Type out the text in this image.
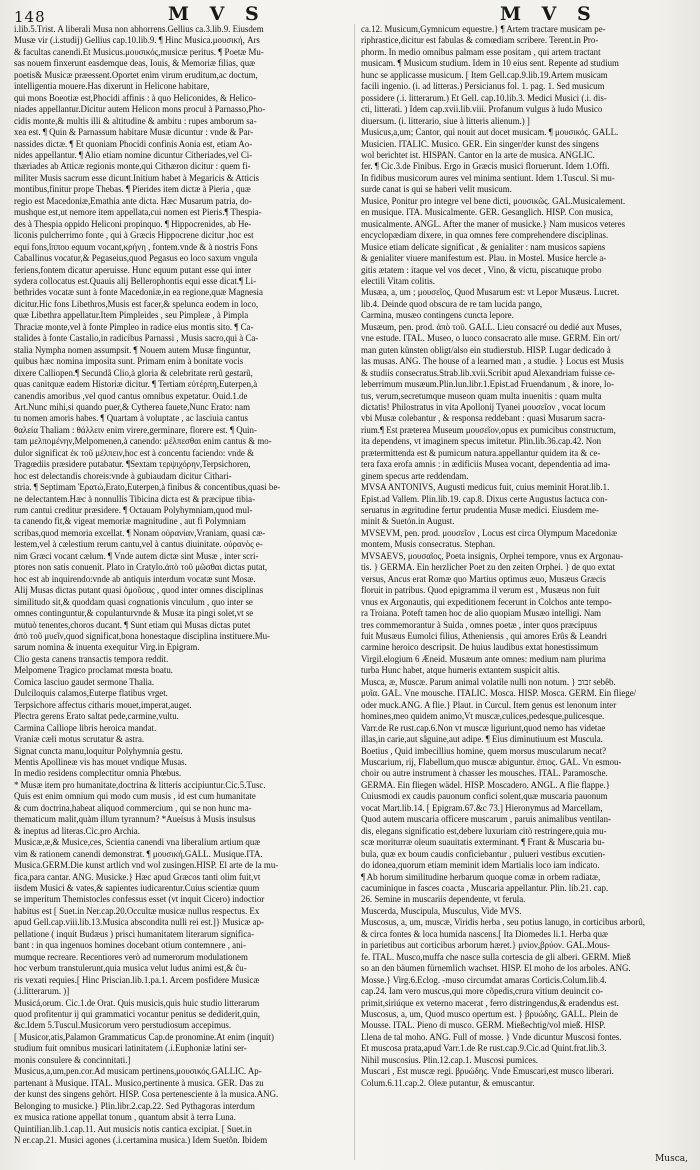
148	M V S	M V S
i.lib.5.Trist. A liberali Musa non abhorrens.Gellius ca.3.lib.9. Eiusdem
Musæ vir (.i.studij) Gellius cap.10.lib.9. ¶ Hinc Musica.μουσική, Ars
& facultas canendi.Et Musicus.μουσικός,musicæ peritus. ¶ Poetæ Mu-
sas nouem finxerunt easdemque deas, Iouis, & Memoriæ filias, quæ
poetis& Musicæ præessent.Oportet enim virum eruditum,ac doctum,
intelligentia mouere.Has dixerunt in Helicone habitare,
qui mons Boeotiæ est,Phocidi affinis : à quo Heliconides, & Helico-
niades appellantur.Dicitur autem Helicon mons procul à Parnasso,Pho-
cidis monte,& multis illi & altitudine & ambitu : rupes amborum sa-
xea est. ¶ Quin & Parnassum habitare Musæ dicuntur : vnde & Par-
nassides dictæ. ¶ Et quoniam Phocidi confinis Aonia est, etiam Ao-
nides appellantur. ¶ Alio etiam nomine dicuntur Citheriades,vel Ci-
thæriades ab Atticæ regionis monte,qui Cithæron dicitur : quem fi-
militer Musis sacrum esse dicunt.Initium habet à Megaricis & Atticis
montibus,finitur prope Thebas. ¶ Pierides item dictæ à Pieria , quæ
regio est Macedoniæ,Emathia ante dicta. Hæc Musarum patria, do-
mushque est,ut nemore item appellata,cui nomen est Pieris.¶ Thespia-
des à Thespia oppido Heliconi propinquo. ¶ Hippocrenides, ab He-
liconis pulcherrimo fonte , qui à Græcis Hippocrene dicitur ,hoc est
equi fons,ἵππου equum vocant,κρήνη , fontem.vnde & à nostris Fons
Caballinus vocatur,& Pegaseius,quod Pegasus eo loco saxum vngula
feriens,fontem dicatur aperuisse. Hunc equum putant esse qui inter
sydera collocatus est.Quauis alij Bellerophontis equi esse dicat.¶ Li-
bethrides vocatæ sunt à fonte Macedoniæ,in ea regione,quæ Magnesia
dicitur.Hic fons Libethros,Musis est facer,& spelunca eodem in loco,
quæ Libethra appellatur.Item Pimpleides , seu Pimpleæ , à Pimpla
Thraciæ monte,vel à fonte Pimpleo in radice eius montis sito. ¶ Ca-
stalides à fonte Castalio,in radicibus Parnassi , Musis sacro,qui à Ca-
stalia Nympha nomen assumpsit. ¶ Nouem autem Musæ finguntur,
quibus hæc nomina imposita sunt. Primam enim à bonitate vocis
dixere Calliopen.¶ Secundã Clio,à gloria & celebritate rerũ gestarũ,
quas canitquæ eadem Historiæ dicitur. ¶ Tertiam εὐτέρπη,Euterpen,à
canendis amoribus ,vel quod cantus omnibus expetatur. Ouid.1.de
Art.Nunc mihi,si quando puer,& Cytherea fauete,Nunc Erato: nam
tu nomen amoris habes. ¶ Quartam à voluptate , ac lasciuia cantus
θαλεία Thaliam : θάλλειν enim virere,germinare, florere est. ¶ Quin-
tam μελπομένην,Melpomenen,à canendo: μέλπεσθαι enim cantus & mo-
dulor significat ἐκ τοῦ μέλπειν,hoc est à concentu faciendo: vnde &
Tragœdiis præsidere putabatur. ¶Sextam τερψιχόρην,Terpsichoren,
hoc est delectandis choreis:vnde à gubiaudam dicitur Cithari-
stria. ¶ Septimam Ἐρατώ,Erato,Euterpen,à finibus & concentibus,quasi be-
ne delectantem.Hæc à nonnullis Tibicina dicta est & præcipue tibia-
rum cantui creditur præsidere. ¶ Octauam Polyhymniam,quod mul-
ta canendo fit,& vigeat memoriæ magnitudine , aut fi Polymniam
scribas,quod memoria excellat. ¶ Nonam οὐρανίαν,Vraniam, quasi cæ-
lestem,vel à cælestium rerum cantu,vel à cantus diuinitate. οὐρανὸς e-
nim Græci vocant cælum. ¶ Vnde autem dictæ sint Musæ , inter scri-
ptores non satis conuenit. Plato in Cratylo.ἀπὸ τοῦ μῶσθαι dictas putat,
hoc est ab inquirendo:vnde ab antiquis interdum vocatæ sunt Mosæ.
Alij Musas dictas putant quasi ὁμοῦσας , quod inter omnes disciplinas
similitudo sit,& quoddam quasi cognationis vinculum , quo inter se
omnes continguntur,& copulanturvnde & Musæ ita pingi solet,vt se
mutuò tenentes,choros ducant. ¶ Sunt etiam qui Musas dictas putet
ἀπὸ τοῦ μυεῖν,quod significat,bona honestaque disciplina instituere.Mu-
sarum nomina & inuenta exequitur Virg.in Epigram.
Clio gesta canens transactis tempora reddit.
Melpomene Tragico proclamat mœsta boatu.
Comica lasciuo gaudet sermone Thalia.
Dulciloquis calamos,Euterpe flatibus vrget.
Terpsichore affectus citharis mouet,imperat,auget.
Plectra gerens Erato saltat pede,carmine,vultu.
Carmina Calliope libris heroica mandat.
Vraniæ cæli motus scrutatur & astra.
Signat cuncta manu,loquitur Polyhymnia gestu.
Mentis Apollineæ vis has mouet vndique Musas.
In medio residens complectitur omnia Phœbus.
* Musæ item pro humanitate,doctrina & litteris accipiuntur.Cic.5.Tusc.
Quis est enim omnium qui modo cum musis , id est cum humanitate
& cum doctrina,habeat aliquod commercium , qui se non hunc ma-
thematicum malit,quàm illum tyrannum? *Aueísus à Musis insulsus
& ineptus ad literas.Cic.pro Archia.
Musicæ,æ,& Musice,ces, Scientia canendi vna liberalium artium quæ
vim & rationem canendi demonstrat. ¶ μουσική.GALL. Musique.ITA.
Musica.GERM.Die kunst artlich vnd wol zusingen.HISP. El arte de la mu-
fica,para cantar. ANG. Musicke.} Hæc apud Græcos tanti olim fuit,vt
iisdem Musici & vates,& sapientes iudicarentur.Cuius scientiæ quum
se imperitum Themistocles confessus esset (vt inquit Cicero) indoctior
habitus est [ Suet.in Ner.cap.20.Occultæ musicæ nullus respectus. Ex
apud Gell.cap.viii.lib.13.Musica abscondita nulli rei est.]} Musicæ ap-
pellatione ( inquit Budæus ) prisci humanitatem literarum significa-
bant : in qua ingenuos homines docebant otium contemnere , ani-
mumque recreare. Recentiores verò ad numerorum modulationem
hoc verbum transtulerunt,quia musica velut ludus animi est,& ĉu-
ris vexati requies.[ Hinc Priscian.lib.1.pa.1. Arcem posfidere Musicæ
(.i.litterarum. )]
Musicá,orum. Cic.1.de Orat. Quis musicis,quis huic studio litterarum
quod profitentur ij qui grammatici vocantur penitus se dediderit,quin,
&c.Idem 5.Tuscul.Musicorum vero perstudiosum accepimus.
[ Musicor,atis,Palamon Grammaticus Cap.de pronomine.At enim (inquit)
studium fuit omnibus musicari latinitatem (.i.Euphoniæ latini ser-
monis consulere & concinnitati.]
Musicus,a,um,pen.cor.Ad musicam pertinens,μουσικός.GALLIC. Ap-
partenant à Musique. ITAL. Musico,pertinente à musica. GER. Das zu
der kunst des singens gehört. HISP. Cosa pertenesciente à la musica.ANG.
Belonging to musicke.} Plin.libr.2.cap.22. Sed Pythagoras interdum
ex musica ratione appellat tonum , quantum absit à terra Luna.
Quintilian.lib.1.cap.11. Aut musicis notis cantica excipiat. [ Suet.in
N er.cap.21. Musici agones (.i.certamina musica.) Idem Suetõn. Ibidem
ca.12. Musicum,Gymnicum equestre.} ¶ Artem tractare musicam pe-
riphrastice,dicitur est fabulas & comœdiam scribere. Terent.in Pro-
phorm. In medio omnibus palmam esse positam , qui artem tractant
musicam. ¶ Musicum studium. Idem in 10 eius sent. Repente ad studium
hunc se applicasse musicum. [ Item Gell.cap.9.lib.19.Artem musicam
facili ingenio. (i. ad litteras.) Persicianus fol. 1. pag. 1. Sed musicum
possidere (.i. litterarum.) Et Gell. cap.10.lib.3. Medici Musici (.i. dis-
cti, litterati. ) Idem cap.xvii.lib.viii. Profanum vulgus à ludo Musico
diuersum. (i. litterario, siue à litteris alienum.) ]
Musicus,a,um; Cantor, qui nouit aut docet musicam. ¶ μουσικός. GALL.
Musicien. ITALIC. Musico. GER. Ein singer/der kunst des singens
wol berichtet ist. HISPAN. Cantor en la arte de musica. ANGLIC.
fer. ¶ Cic.3.de Finibus. Ergo in Græcis musici floruerunt. Idem 1.Offi.
In fidibus musicorum aures vel minima sentiunt. Idem 1.Tuscul. Si mu-
surde canat is qui se haberi velit musicum.
Musice, Ponitur pro integre vel bene dicti, μουσικῶς. GAL.Musicalement.
en musique. ITA. Musicalmente. GER. Gesanglich. HISP. Con musica,
musicalmente. ANGL. After the maner of musicke.} Nam musicos veteres
encyclopædiam dixere, in qua omnes fere comprehendere disciplinas.
Musice etiam delicate significat , & genialiter : nam musicos sapiens
& genialiter viuere manifestum est. Plau. in Mostel. Musice hercle a-
gitis ætatem : itaque vel vos decet , Vino, & victu, piscatuque probo
electili Vitam colitis.
Musæa, a, um ; μουσεῖος, Quod Musarum est: vt Lepor Musæus. Lucret.
lib.4. Deinde quod obscura de re tam lucida pango,
Carmina, musæo contingens cuncta lepore.
Musæum, pen. prod. ἀπὸ τοῦ. GALL. Lieu consacré ou dedié aux Muses,
vne estude. ITAL. Museo, o luoco consacrato alle muse. GERM. Ein ort/
man guten künsten obligt/also ein studierstub. HISP. Lugar dedicado à
las musas. ANG. The house of a learned man , a studie. } Locus est Musis
& studiis consecratus.Strab.lib.xvii.Scribit apud Alexandriam fuisse ce-
leberrimum musæum.Plin.lun.libr.1.Epist.ad Fruendanum , & inore, lo-
tus, verum,secretumque museon quam multa inuenitis : quam multa
dictatis! Philostratus in vita Apollonij Tyanei μουσεῖον , vocat locum
vbi Musæ colebantur , & responsa reddebant : quasi Musarum sacra-
rium.¶ Est præterea Museum μουσεῖον,opus ex pumicibus constructum,
ita dependens, vt imaginem specus imitetur. Plin.lib.36.cap.42. Non
prætermittenda est & pumicum natura.appellantur quidem ita & ce-
tera faxa erofa amnis : in ædificiis Musea vocant, dependentia ad ima-
ginem specus arte reddendam.
MVSA ANTONIVS, Augusti medicus fuit, cuius meminit Horat.lib.1.
Epist.ad Vallem. Plin.lib.19. cap.8. Dixus certe Augustus lactuca con-
seruatus in ægritudine fertur prudentia Musæ medici. Eiusdem me-
minit & Suetón.in August.
MVSEVM, pen. prod. μουσεῖον , Locus est circa Olympum Macedoniæ
montem, Musis consecratus. Stephan.
MVSAEVS, μουσαῖος, Poeta insignis, Orphei tempore, vnus ex Argonau-
tis. } GERMA. Ein herzlicher Poet zu den zeiten Orphei. } de quo extat
versus, Ancus erat Romæ quo Martius optimus æuo, Musæus Græcis
floruit in patribus. Quod epigramma il verum est , Musæus non fuit
vnus ex Argonautis, qui expeditionem fecerunt in Colchos ante tempo-
ra Troiana. Poteft tamen hoc de alio quopiam Musæo intelligi. Nam
tres commemorantur à Suida , omnes poetæ , inter quos præcipuus
fuit Musæus Eumolci filius, Atheniensis , qui amores Erûs & Leandri
carmine heroico descripsit. De huius laudibus extat honestissimum
Virgil.elogium 6 Æneid. Musæum ante omnes: medium nam plurima
turba Hunc habet, atque humeris extantem suspicit altis.
Musca, æ, Muscæ. Parum animal volatile nulli non notum. } זבוב sebêb.
μυῖα. GAL. Vne mousche. ITALIC. Mosca. HISP. Mosca. GERM. Ein fliege/
oder muck.ANG. A flie.} Plaut. in Curcul. Item genus est lenonum inter
homines,meo quidem animo,Vt muscæ,culices,pedesque,pulicesque.
Varr.de Re rust.cap.6.Non vt muscæ liguriunt,quod nemo has videtae
illas,in carie,aut sâguine,aut adipe. ¶ Eius diminutiuum est Muscula.
Boetius , Quid imbecillius homine, quem morsus muscularum necat?
Muscarium, rij, Flabellum,quo muscæ abiguntur. ἐπιος. GAL. Vn esmou-
choir ou autre instrument à chasser les mousches. ITAL. Paramosche.
GERMA. Ein fliegen wädel. HISP. Moscadero. ANGL. A flie flappe.}
Cuiusmodi ex caudis pauonum confici solent,quæ muscaria pauonum
vocat Mart.lib.14. [ Epigram.67.&c 73.] Hieronymus ad Marcellam,
Quod autem muscaria officere muscarum , paruis animalibus ventilan-
dis, elegans significatio est,debere luxuriam citò restringere,quia mu-
scæ moriturræ oleum suauitatis exterminant. ¶ Frant & Muscaria bu-
bula, quæ ex boum caudis conficiebantur , pulueri vestibus excutien-
do idonea,quorum etiam meminit idem Martialis loco iam indicato.
¶ Ab horum similitudine herbarum quoque comæ in orbem radiatæ,
cacuminique in fasces coacta , Muscaria appellantur. Plin. lib.21. cap.
26. Semine in muscariis dependente, vt ferula.
Muscerda, Muscipula, Musculus, Vide MVS.
Muscosus, a, um, muscæ, Viridis herba , seu potius lanugo, in corticibus arborû,
& circa fontes & loca humida nascens.[ Ita Diomedes li.1. Herba quæ
in parietibus aut corticibus arborum hæret.} μνίον,βρύον. GAL.Mous-
fe. ITAL. Musco,muffa che nasce sulla cortescia de gli alberi. GERM. Mieß
so an den bäumen fürnemlich wachset. HISP. El moho de los arboles. ANG.
Mosse.} Virg.6.Eclog. -muso circumdat amaras Corticis.Colum.lib.4.
cap.24. Iam vero muscus,qui more cõpedis,crura vitium deuincit co-
primit,siriúque ex veterno macerat , ferro distringendus,& eradendus est.
Muscosus, a, um, Quod musco opertum est. } βρυώδης. GALL. Plein de
Mousse. ITAL. Pieno di musco. GERM. Mießechtig/vol mieß. HISP.
Llena de tal moho. ANG. Full of mosse. } Vnde dicuntur Muscosi fontes.
Et muscosa prata,apud Varr.1.de Re rust.cap.9.Cic.ad Quint.frat.lib.3.
Nihil muscosius. Plin.12.cap.1. Muscosi pumices.
Muscari , Est muscæ regi. βρυώδης. Vnde Emuscari,est musco liberari.
Colum.6.11.cap.2. Oleæ putantur, & emuscantur.
Musca,
